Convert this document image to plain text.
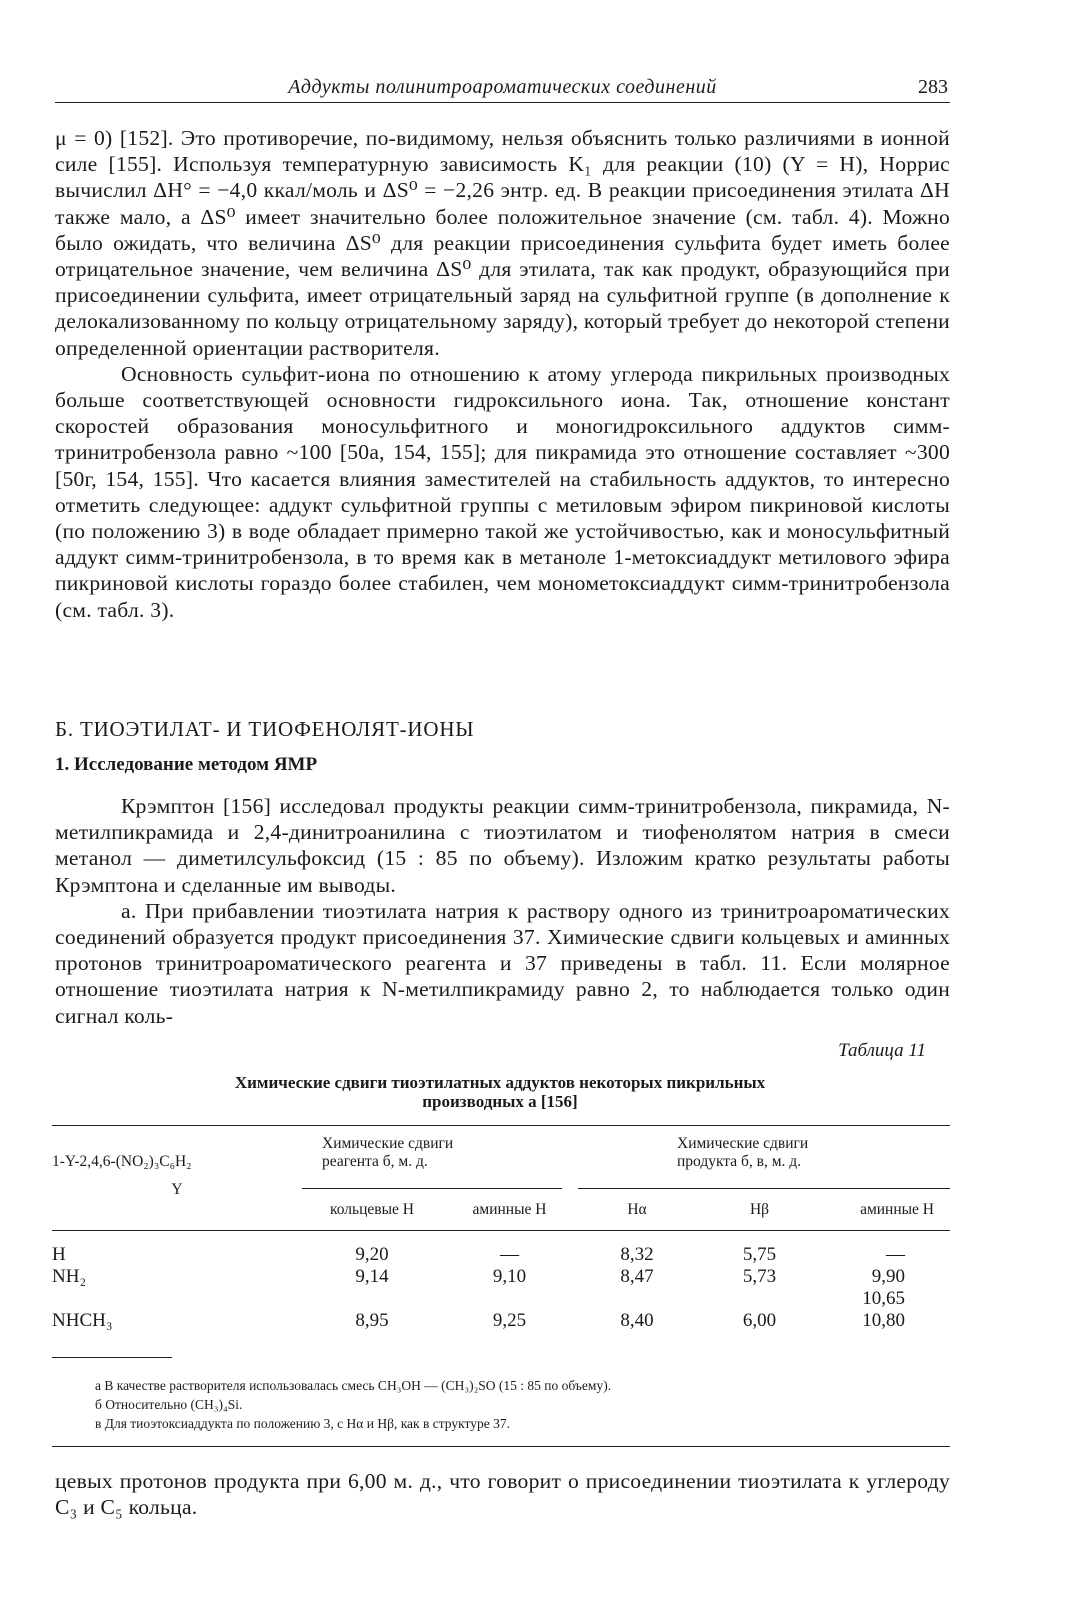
Аддукты полинитроароматических соединений	283

μ = 0) [152]. Это противоречие, по-видимому, нельзя объяснить только различиями в ионной силе [155]. Используя температурную зависимость K₁ для реакции (10) (Y = H), Норрис вычислил ΔH° = −4,0 ккал/моль и ΔS⁰ = −2,26 энтр. ед. В реакции присоединения этилата ΔH также мало, а ΔS⁰ имеет значительно более положительное значение (см. табл. 4). Можно было ожидать, что величина ΔS⁰ для реакции присоединения сульфита будет иметь более отрицательное значение, чем величина ΔS⁰ для этилата, так как продукт, образующийся при присоединении сульфита, имеет отрицательный заряд на сульфитной группе (в дополнение к делокализованному по кольцу отрицательному заряду), который требует до некоторой степени определенной ориентации растворителя.

Основность сульфит-иона по отношению к атому углерода пикрильных производных больше соответствующей основности гидроксильного иона. Так, отношение констант скоростей образования моносульфитного и моногидроксильного аддуктов симм-тринитробензола равно ~100 [50а, 154, 155]; для пикрамида это отношение составляет ~300 [50г, 154, 155]. Что касается влияния заместителей на стабильность аддуктов, то интересно отметить следующее: аддукт сульфитной группы с метиловым эфиром пикриновой кислоты (по положению 3) в воде обладает примерно такой же устойчивостью, как и моносульфитный аддукт симм-тринитробензола, в то время как в метаноле 1-метоксиаддукт метилового эфира пикриновой кислоты гораздо более стабилен, чем монометоксиаддукт симм-тринитробензола (см. табл. 3).

Б. ТИОЭТИЛАТ- И ТИОФЕНОЛЯТ-ИОНЫ
1. Исследование методом ЯМР

Крэмптон [156] исследовал продукты реакции симм-тринитробензола, пикрамида, N-метилпикрамида и 2,4-динитроанилина с тиоэтилатом и тиофенолятом натрия в смеси метанол — диметилсульфоксид (15 : 85 по объему). Изложим кратко результаты работы Крэмптона и сделанные им выводы.

а. При прибавлении тиоэтилата натрия к раствору одного из тринитроароматических соединений образуется продукт присоединения 37. Химические сдвиги кольцевых и аминных протонов тринитроароматического реагента и 37 приведены в табл. 11. Если молярное отношение тиоэтилата натрия к N-метилпикрамиду равно 2, то наблюдается только один сигнал коль-

Таблица 11
Химические сдвиги тиоэтилатных аддуктов некоторых пикрильных производных а [156]
1-Y-2,4,6-(NO₂)₃C₆H₂
Y	Химические сдвиги реагента б, м. д.		Химические сдвиги продукта б, в, м. д.		

	кольцевые H	аминные H	Hα	Hβ	аминные H

H	9,20	—	8,32	5,75	—
NH₂	9,14	9,10	8,47	5,73	9,90
					10,65
NHCH₃	8,95	9,25	8,40	6,00	10,80
а В качестве растворителя использовалась смесь CH₃OH — (CH₃)₂SO (15 : 85 по объему).
б Относительно (CH₃)₄Si.
в Для тиоэтоксиаддукта по положению 3, с Hα и Hβ, как в структуре 37.

цевых протонов продукта при 6,00 м. д., что говорит о присоединении тиоэтилата к углероду C₃ и C₅ кольца.
